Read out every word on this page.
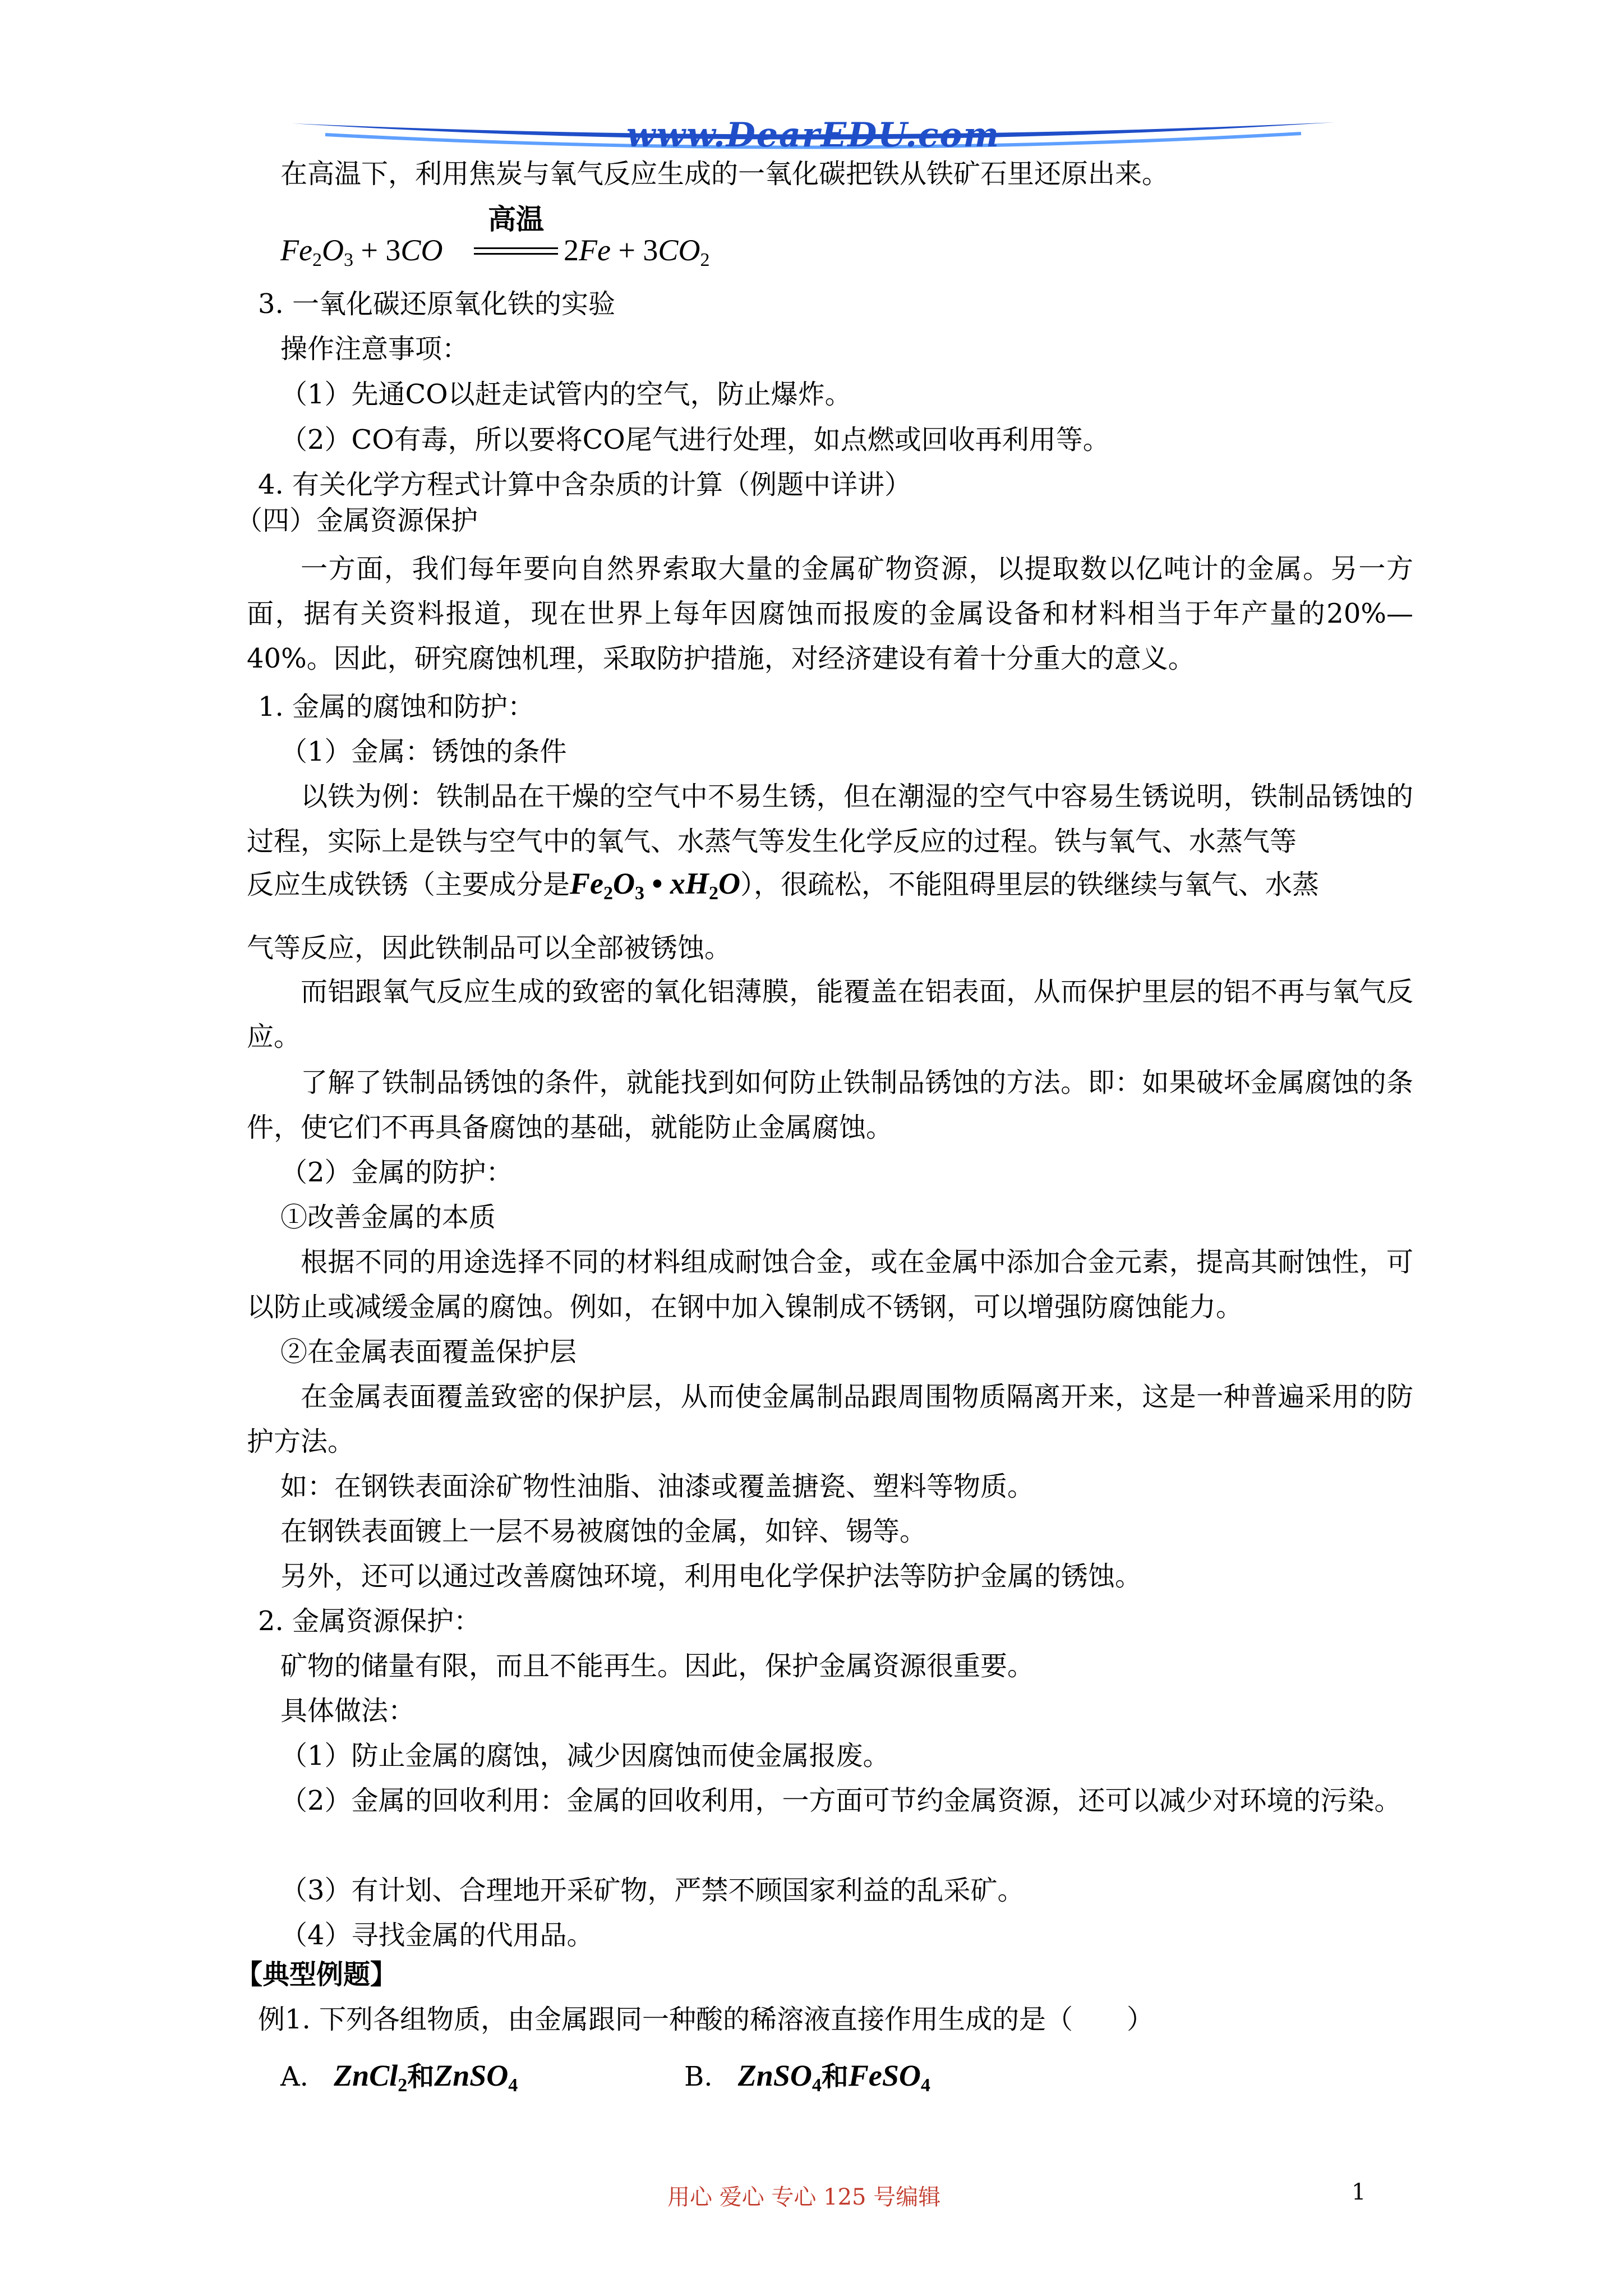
www.DearEDU.com
在高温下，利用焦炭与氧气反应生成的一氧化碳把铁从铁矿石里还原出来。
$Fe_2O_3 + 3CO$
高温
$2Fe + 3CO_2$
3. 一氧化碳还原氧化铁的实验
操作注意事项：
（1）先通CO以赶走试管内的空气，防止爆炸。
（2）CO有毒，所以要将CO尾气进行处理，如点燃或回收再利用等。
4. 有关化学方程式计算中含杂质的计算（例题中详讲）
（四）金属资源保护
一方面，我们每年要向自然界索取大量的金属矿物资源，以提取数以亿吨计的金属。另一方面，据有关资料报道，现在世界上每年因腐蚀而报废的金属设备和材料相当于年产量的20%—40%。因此，研究腐蚀机理，采取防护措施，对经济建设有着十分重大的意义。
1. 金属的腐蚀和防护：
（1）金属：锈蚀的条件
以铁为例：铁制品在干燥的空气中不易生锈，但在潮湿的空气中容易生锈说明，铁制品锈蚀的过程，实际上是铁与空气中的氧气、水蒸气等发生化学反应的过程。铁与氧气、水蒸气等
反应生成铁锈（主要成分是$Fe_2O_3$ • $xH_2O$），很疏松，不能阻碍里层的铁继续与氧气、水蒸
气等反应，因此铁制品可以全部被锈蚀。
而铝跟氧气反应生成的致密的氧化铝薄膜，能覆盖在铝表面，从而保护里层的铝不再与氧气反应。
了解了铁制品锈蚀的条件，就能找到如何防止铁制品锈蚀的方法。即：如果破坏金属腐蚀的条件，使它们不再具备腐蚀的基础，就能防止金属腐蚀。
（2）金属的防护：
①改善金属的本质
根据不同的用途选择不同的材料组成耐蚀合金，或在金属中添加合金元素，提高其耐蚀性，可以防止或减缓金属的腐蚀。例如，在钢中加入镍制成不锈钢，可以增强防腐蚀能力。
②在金属表面覆盖保护层
在金属表面覆盖致密的保护层，从而使金属制品跟周围物质隔离开来，这是一种普遍采用的防护方法。
如：在钢铁表面涂矿物性油脂、油漆或覆盖搪瓷、塑料等物质。
在钢铁表面镀上一层不易被腐蚀的金属，如锌、锡等。
另外，还可以通过改善腐蚀环境，利用电化学保护法等防护金属的锈蚀。
2. 金属资源保护：
矿物的储量有限，而且不能再生。因此，保护金属资源很重要。
具体做法：
（1）防止金属的腐蚀，减少因腐蚀而使金属报废。
（2）金属的回收利用：金属的回收利用，一方面可节约金属资源，还可以减少对环境的污染。
（3）有计划、合理地开采矿物，严禁不顾国家利益的乱采矿。
（4）寻找金属的代用品。
【典型例题】
例1. 下列各组物质，由金属跟同一种酸的稀溶液直接作用生成的是（　　）
A. ZnCl$_2$和ZnSO$_4$	B. ZnSO$_4$和FeSO$_4$
用心 爱心 专心 125 号编辑	1
